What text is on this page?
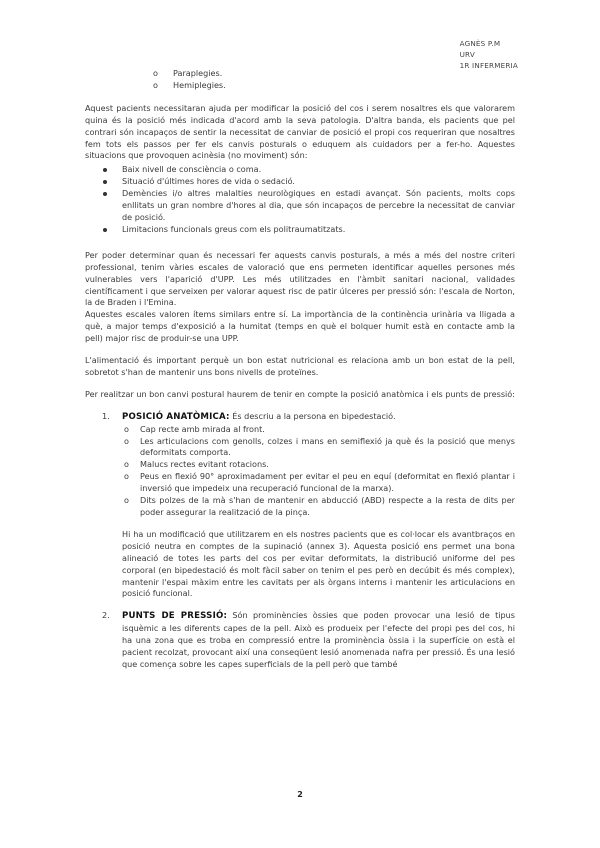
AGNÈS P.M
URV
1R INFERMERIA
o Paraplegies.
o Hemiplegies.

Aquest pacients necessitaran ajuda per modificar la posició del cos i serem nosaltres els que valorarem quina és la posició més indicada d'acord amb la seva patologia. D'altra banda, els pacients que pel contrari són incapaços de sentir la necessitat de canviar de posició el propi cos requeriran que nosaltres fem tots els passos per fer els canvis posturals o eduquem als cuidadors per a fer-ho. Aquestes situacions que provoquen acinèsia (no moviment) són:

Baix nivell de consciència o coma.
Situació d'últimes hores de vida o sedació.
Demències i/o altres malalties neurològiques en estadi avançat. Són pacients, molts cops enllitats un gran nombre d'hores al dia, que són incapaços de percebre la necessitat de canviar de posició.
Limitacions funcionals greus com els politraumatitzats.

Per poder determinar quan és necessari fer aquests canvis posturals, a més a més del nostre criteri professional, tenim vàries escales de valoració que ens permeten identificar aquelles persones més vulnerables vers l'aparició d'UPP. Les més utilitzades en l'àmbit sanitari nacional, validades científicament i que serveixen per valorar aquest risc de patir úlceres per pressió són: l'escala de Norton, la de Braden i l'Emina.

Aquestes escales valoren ítems similars entre sí. La importància de la continència urinària va lligada a què, a major temps d'exposició a la humitat (temps en què el bolquer humit està en contacte amb la pell) major risc de produir-se una UPP.

L'alimentació és important perquè un bon estat nutricional es relaciona amb un bon estat de la pell, sobretot s'han de mantenir uns bons nivells de proteïnes.

Per realitzar un bon canvi postural haurem de tenir en compte la posició anatòmica i els punts de pressió:

1. POSICIÓ ANATÒMICA: És descriu a la persona en bipedestació.
o Cap recte amb mirada al front.
o Les articulacions com genolls, colzes i mans en semiflexió ja què és la posició que menys deformitats comporta.
o Malucs rectes evitant rotacions.
o Peus en flexió 90° aproximadament per evitar el peu en equí (deformitat en flexió plantar i inversió que impedeix una recuperació funcional de la marxa).
o Dits polzes de la mà s'han de mantenir en abducció (ABD) respecte a la resta de dits per poder assegurar la realització de la pinça.

Hi ha un modificació que utilitzarem en els nostres pacients que es col·locar els avantbraços en posició neutra en comptes de la supinació (annex 3). Aquesta posició ens permet una bona alineació de totes les parts del cos per evitar deformitats, la distribució uniforme del pes corporal (en bipedestació és molt fàcil saber on tenim el pes però en decúbit és més complex), mantenir l'espai màxim entre les cavitats per als òrgans interns i mantenir les articulacions en posició funcional.

2. PUNTS DE PRESSIÓ: Són prominències òssies que poden provocar una lesió de tipus isquèmic a les diferents capes de la pell. Això es produeix per l'efecte del propi pes del cos, hi ha una zona que es troba en compressió entre la prominència òssia i la superfície on està el pacient recolzat, provocant així una conseqüent lesió anomenada nafra per pressió. És una lesió que comença sobre les capes superficials de la pell però que també
2
